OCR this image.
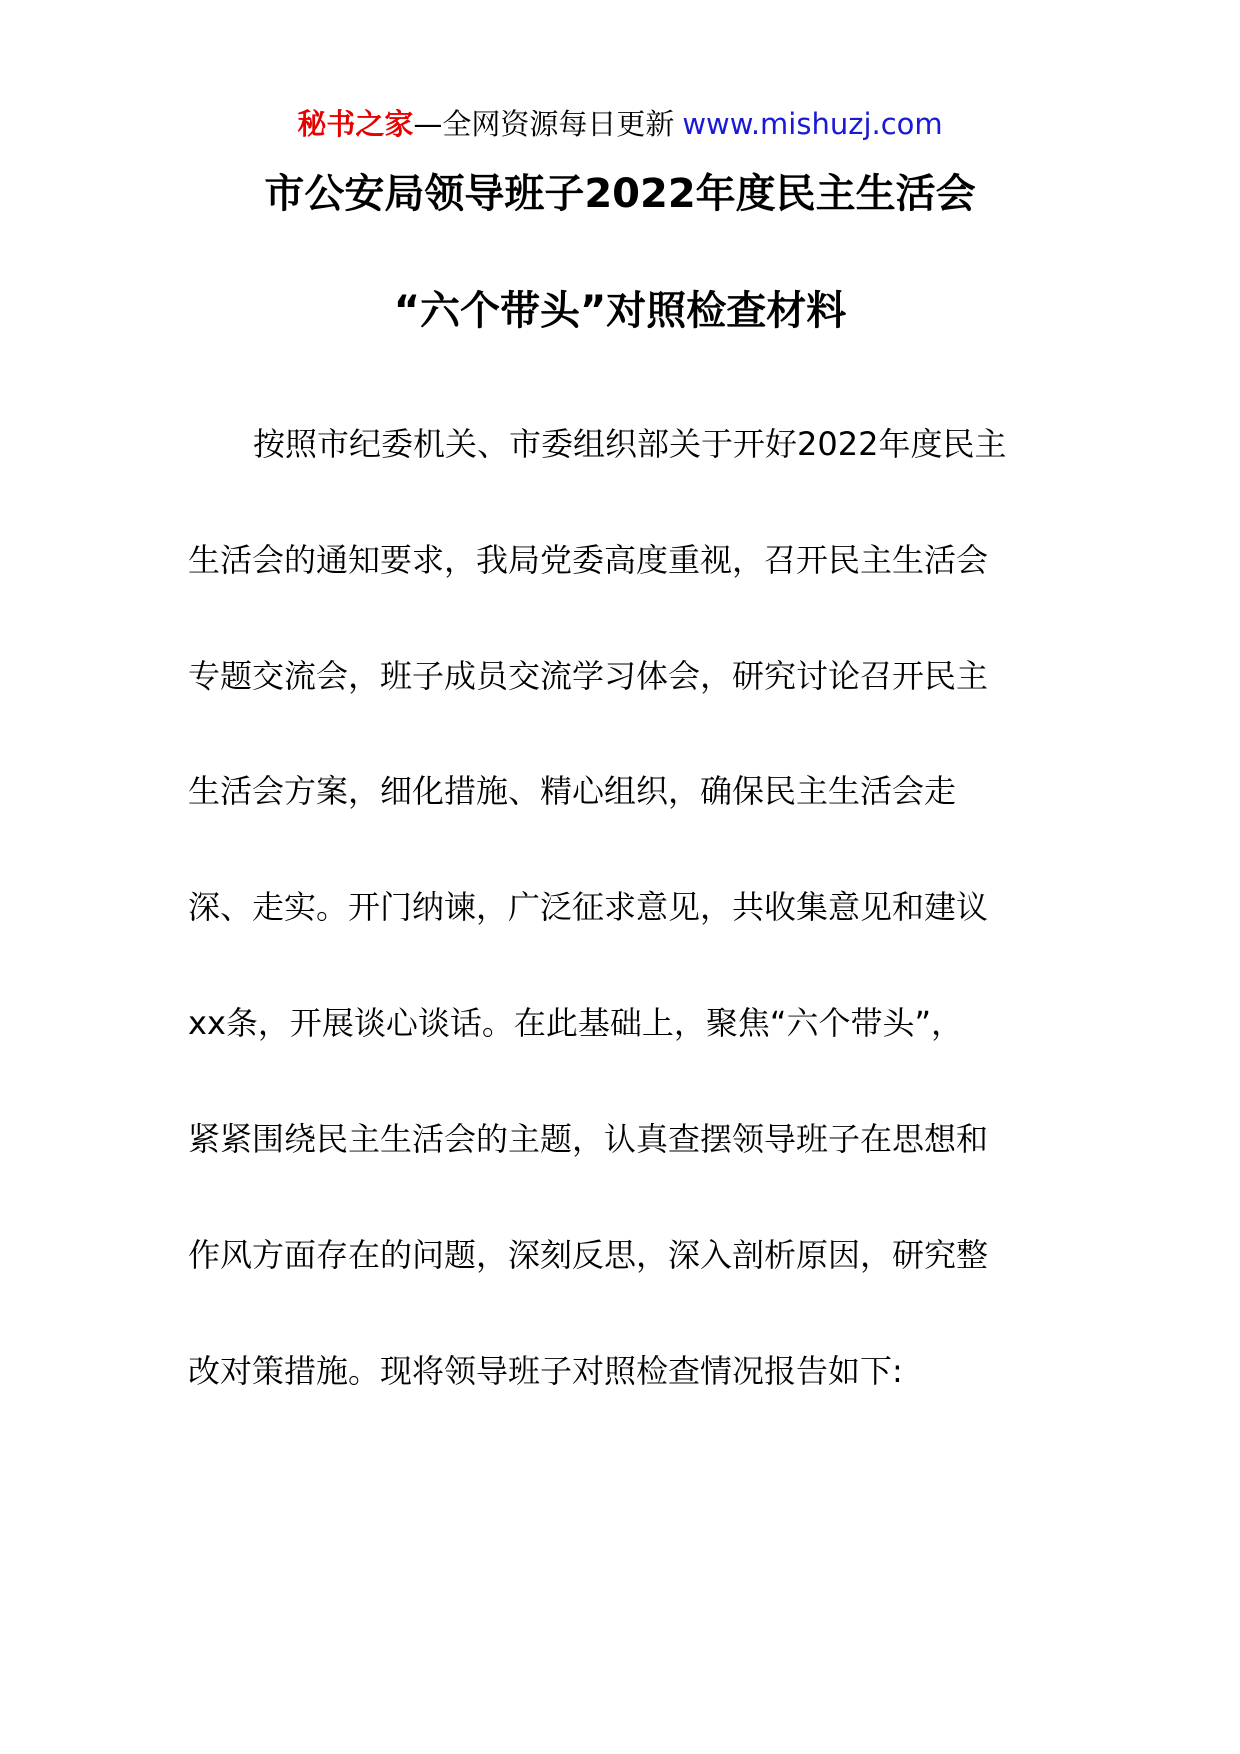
秘书之家—全网资源每日更新 www.mishuzj.com
市公安局领导班子2022年度民主生活会
“六个带头”对照检查材料
按照市纪委机关、市委组织部关于开好2022年度民主
生活会的通知要求，我局党委高度重视，召开民主生活会
专题交流会，班子成员交流学习体会，研究讨论召开民主
生活会方案，细化措施、精心组织，确保民主生活会走
深、走实。开门纳谏，广泛征求意见，共收集意见和建议
xx条，开展谈心谈话。在此基础上，聚焦“六个带头”，
紧紧围绕民主生活会的主题，认真查摆领导班子在思想和
作风方面存在的问题，深刻反思，深入剖析原因，研究整
改对策措施。现将领导班子对照检查情况报告如下:
